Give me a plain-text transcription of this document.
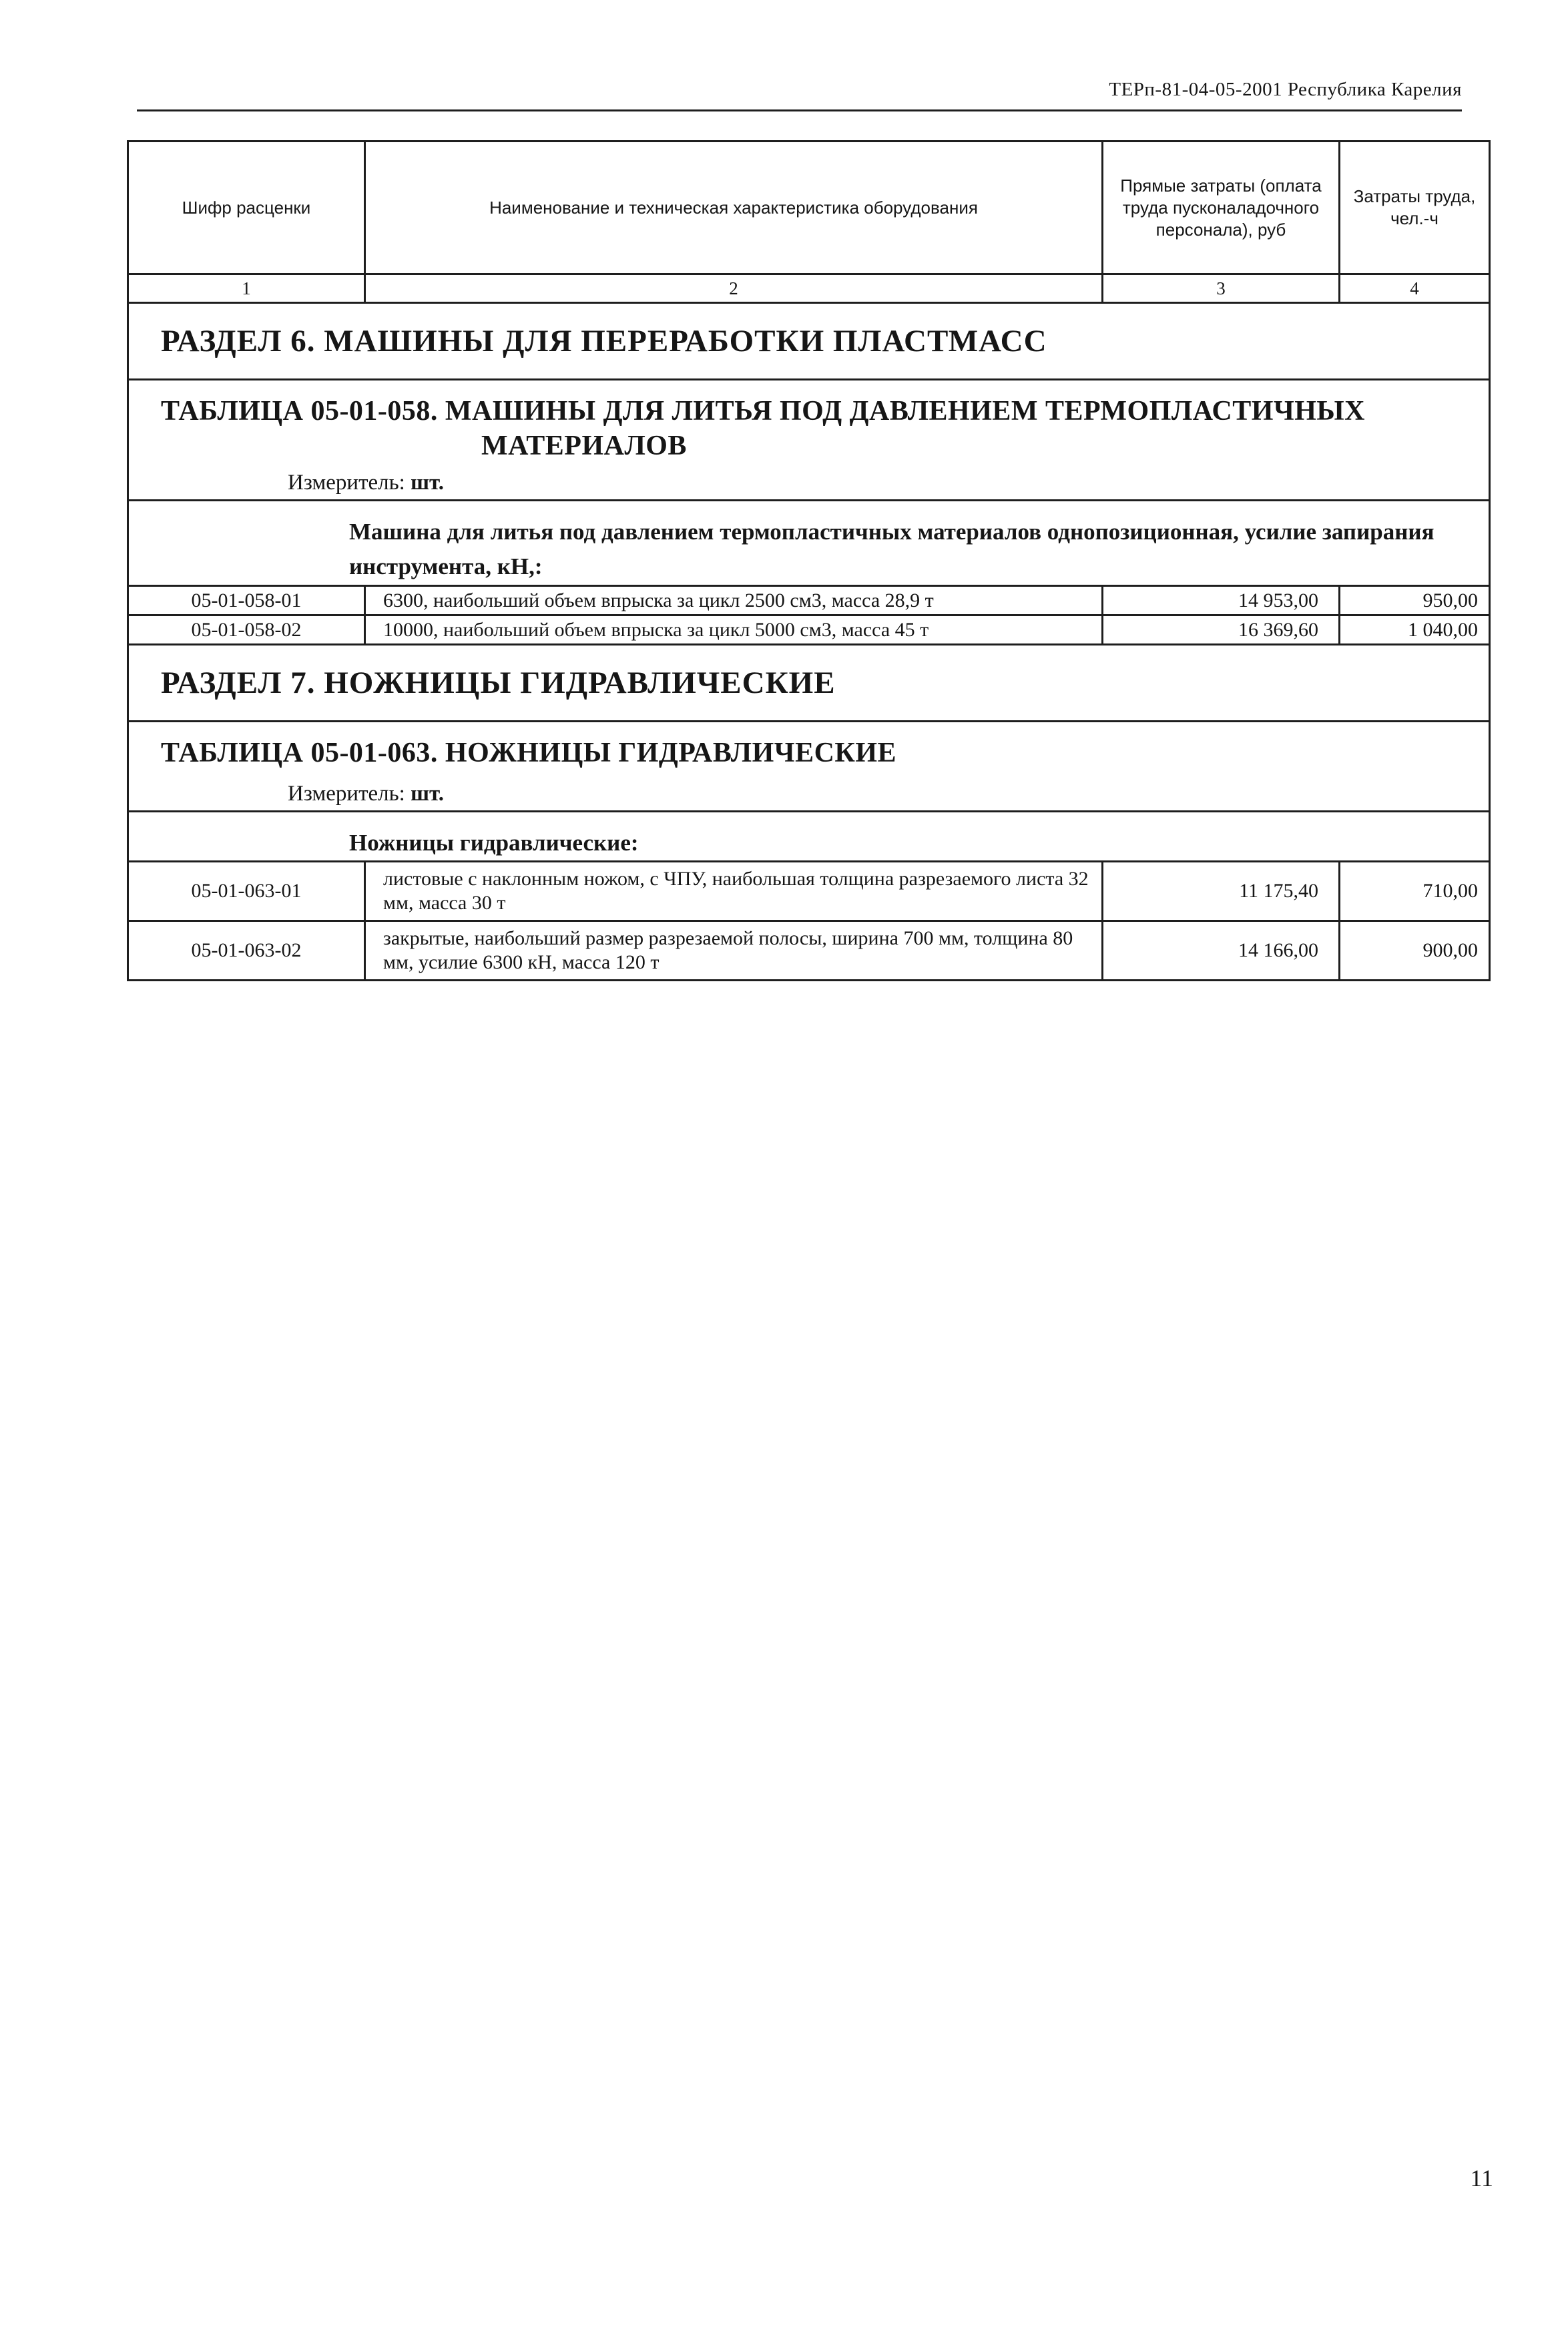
ТЕРп-81-04-05-2001 Республика Карелия
Шифр расценки	Наименование и техническая характеристика оборудования	Прямые затраты (оплата труда пусконаладочного персонала), руб	Затраты труда, чел.-ч
1	2	3	4
РАЗДЕЛ 6. МАШИНЫ ДЛЯ ПЕРЕРАБОТКИ ПЛАСТМАСС			

ТАБЛИЦА 05-01-058. МАШИНЫ ДЛЯ ЛИТЬЯ ПОД ДАВЛЕНИЕМ ТЕРМОПЛАСТИЧНЫХ
МАТЕРИАЛОВ
Измеритель: шт.			

Машина для литья под давлением термопластичных материалов однопозиционная, усилие запирания инструмента, кН,:			

05-01-058-01	6300, наибольший объем впрыска за цикл 2500 см3, масса 28,9 т	14 953,00	950,00
05-01-058-02	10000, наибольший объем впрыска за цикл 5000 см3, масса 45 т	16 369,60	1 040,00
РАЗДЕЛ 7. НОЖНИЦЫ ГИДРАВЛИЧЕСКИЕ			

ТАБЛИЦА 05-01-063. НОЖНИЦЫ ГИДРАВЛИЧЕСКИЕ
Измеритель: шт.			

Ножницы гидравлические:			

05-01-063-01	листовые с наклонным ножом, с ЧПУ, наибольшая толщина разрезаемого листа 32 мм, масса 30 т	11 175,40	710,00
05-01-063-02	закрытые, наибольший размер разрезаемой полосы, ширина 700 мм, толщина 80 мм, усилие 6300 кН, масса 120 т	14 166,00	900,00
11
